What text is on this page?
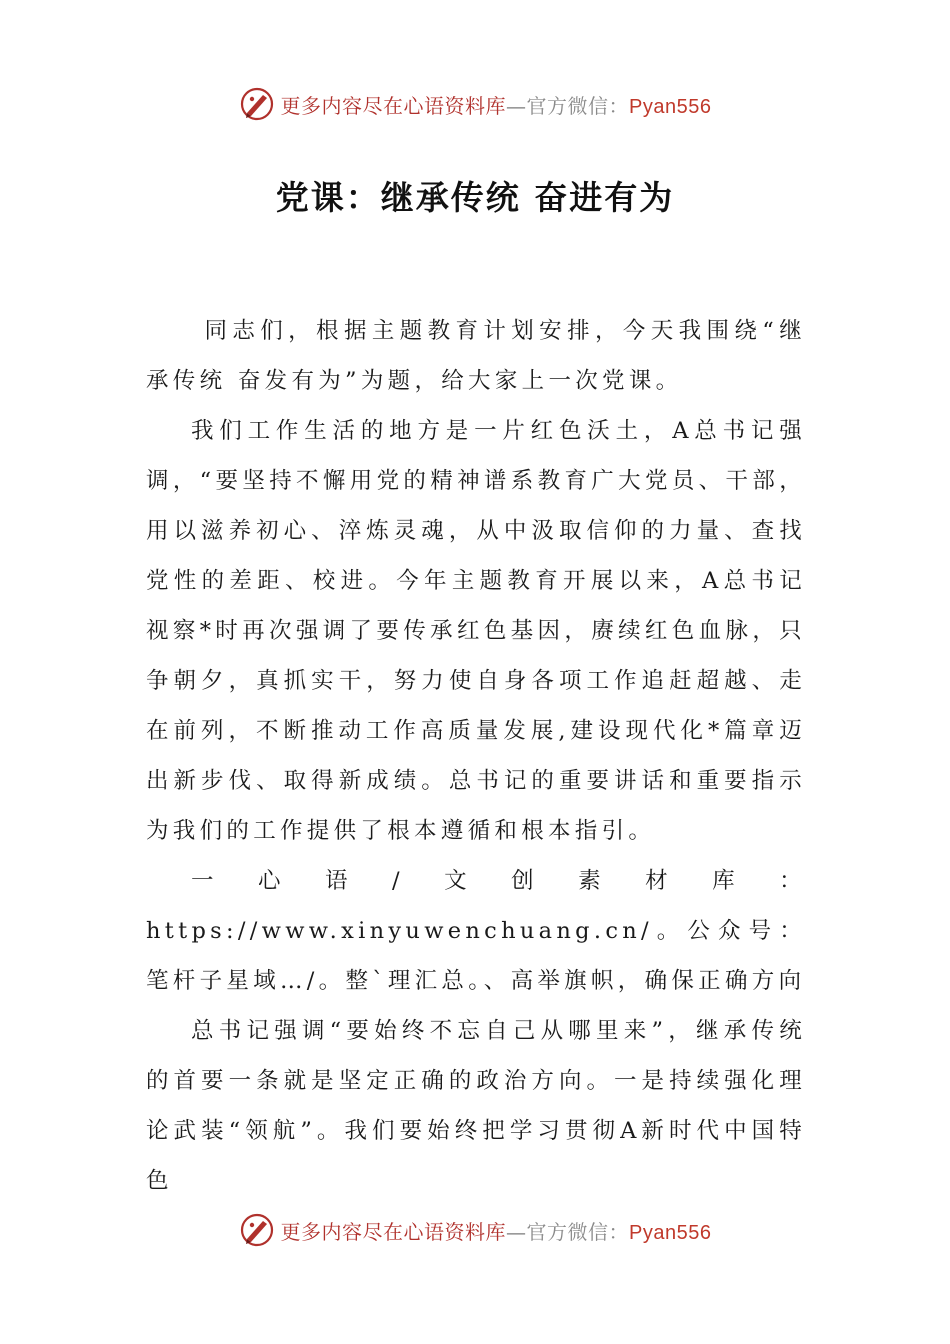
更多内容尽在心语资料库—官方微信：Pyan556
党课：继承传统 奋进有为

同志们，根据主题教育计划安排，今天我围绕“继承传统 奋发有为”为题，给大家上一次党课。

我们工作生活的地方是一片红色沃土，A总书记强调，“要坚持不懈用党的精神谱系教育广大党员、干部，用以滋养初心、淬炼灵魂，从中汲取信仰的力量、查找党性的差距、校进。今年主题教育开展以来，A总书记视察*时再次强调了要传承红色基因，赓续红色血脉，只争朝夕，真抓实干，努力使自身各项工作追赶超越、走在前列，不断推动工作高质量发展,建设现代化*篇章迈出新步伐、取得新成绩。总书记的重要讲话和重要指示为我们的工作提供了根本遵循和根本指引。

一心语/文创素材库：https://www.xinyuwenchuang.cn/。公众号：笔杆子星域…/。整`理汇总。、高举旗帜，确保正确方向

总书记强调“要始终不忘自己从哪里来”，继承传统的首要一条就是坚定正确的政治方向。一是持续强化理论武装“领航”。我们要始终把学习贯彻A新时代中国特色

更多内容尽在心语资料库—官方微信：Pyan556
